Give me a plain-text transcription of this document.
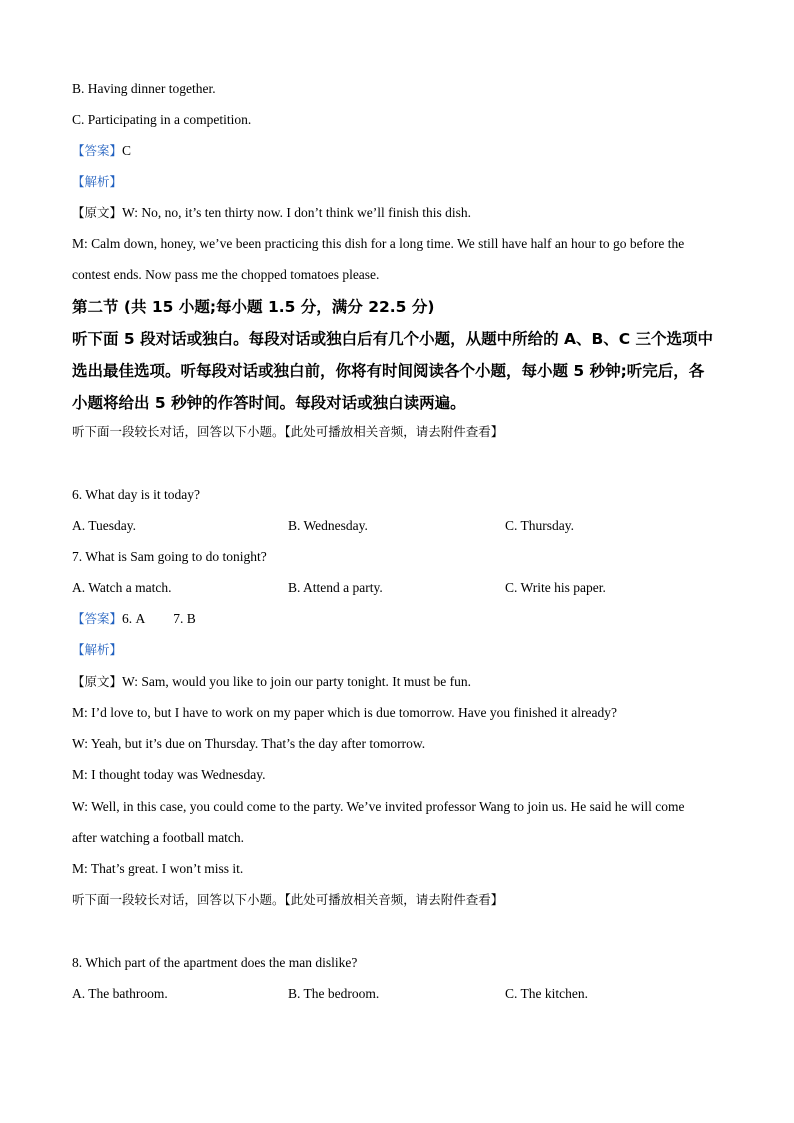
B. Having dinner together.
C. Participating in a competition.
【答案】C
【解析】
【原文】W: No, no, it’s ten thirty now. I don’t think we’ll finish this dish.
M: Calm down, honey, we’ve been practicing this dish for a long time. We still have half an hour to go before the
contest ends. Now pass me the chopped tomatoes please.
第二节 (共 15 小题;每小题 1.5 分，满分 22.5 分)
听下面 5 段对话或独白。每段对话或独白后有几个小题，从题中所给的 A、B、C 三个选项中
选出最佳选项。听每段对话或独白前，你将有时间阅读各个小题，每小题 5 秒钟;听完后，各
小题将给出 5 秒钟的作答时间。每段对话或独白读两遍。
听下面一段较长对话，回答以下小题。【此处可播放相关音频，请去附件查看】
6. What day is it today?
A. Tuesday.	B. Wednesday.	C. Thursday.
7. What is Sam going to do tonight?
A. Watch a match.	B. Attend a party.	C. Write his paper.
【答案】6. A 7. B
【解析】
【原文】W: Sam, would you like to join our party tonight. It must be fun.
M: I’d love to, but I have to work on my paper which is due tomorrow. Have you finished it already?
W: Yeah, but it’s due on Thursday. That’s the day after tomorrow.
M: I thought today was Wednesday.
W: Well, in this case, you could come to the party. We’ve invited professor Wang to join us. He said he will come
after watching a football match.
M: That’s great. I won’t miss it.
听下面一段较长对话，回答以下小题。【此处可播放相关音频，请去附件查看】
8. Which part of the apartment does the man dislike?
A. The bathroom.	B. The bedroom.	C. The kitchen.
